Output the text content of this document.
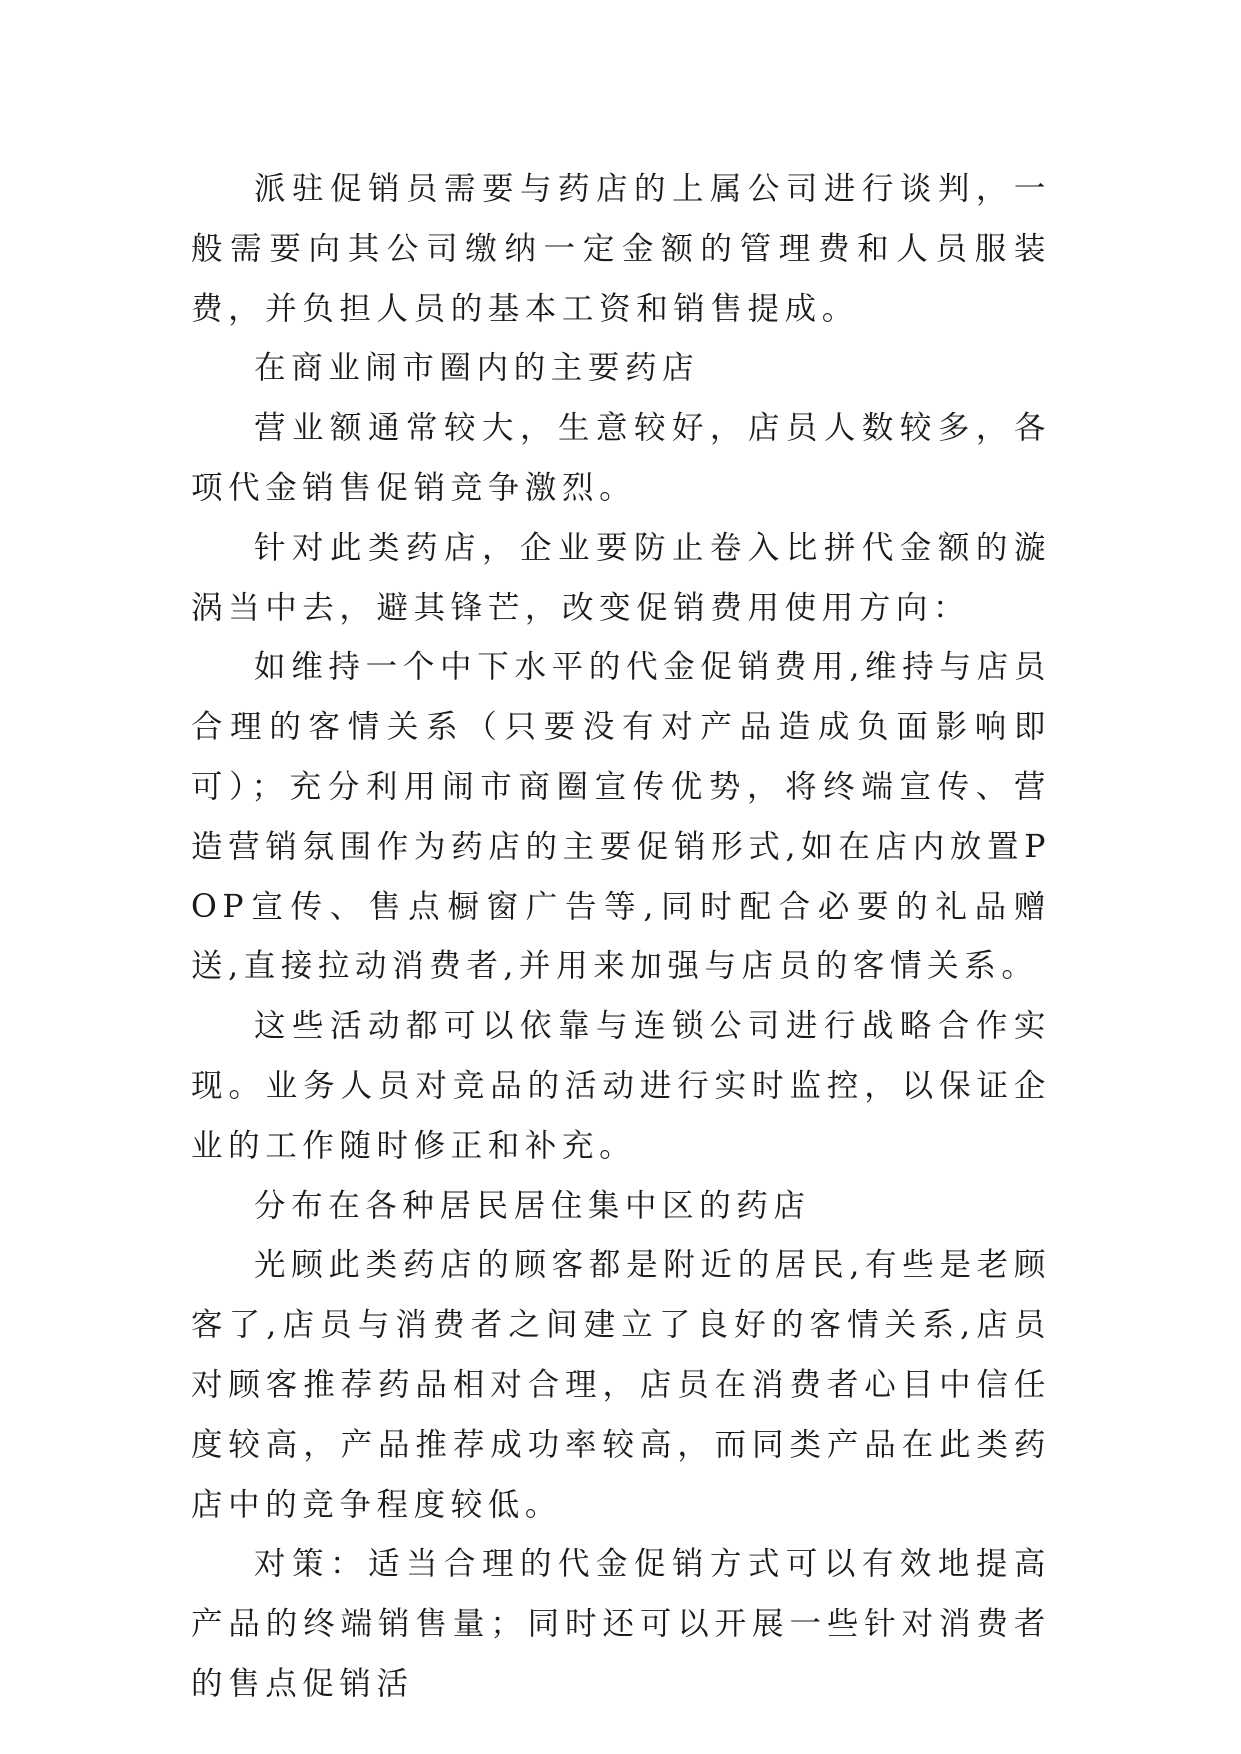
派驻促销员需要与药店的上属公司进行谈判，一般需要向其公司缴纳一定金额的管理费和人员服装费，并负担人员的基本工资和销售提成。

在商业闹市圈内的主要药店

营业额通常较大，生意较好，店员人数较多，各项代金销售促销竞争激烈。

针对此类药店，企业要防止卷入比拼代金额的漩涡当中去，避其锋芒，改变促销费用使用方向：

如维持一个中下水平的代金促销费用,维持与店员合理的客情关系（只要没有对产品造成负面影响即可）；充分利用闹市商圈宣传优势，将终端宣传、营造营销氛围作为药店的主要促销形式,如在店内放置POP宣传、售点橱窗广告等,同时配合必要的礼品赠送,直接拉动消费者,并用来加强与店员的客情关系。

这些活动都可以依靠与连锁公司进行战略合作实现。业务人员对竞品的活动进行实时监控，以保证企业的工作随时修正和补充。

分布在各种居民居住集中区的药店

光顾此类药店的顾客都是附近的居民,有些是老顾客了,店员与消费者之间建立了良好的客情关系,店员对顾客推荐药品相对合理，店员在消费者心目中信任度较高，产品推荐成功率较高，而同类产品在此类药店中的竞争程度较低。

对策：适当合理的代金促销方式可以有效地提高产品的终端销售量；同时还可以开展一些针对消费者的售点促销活
